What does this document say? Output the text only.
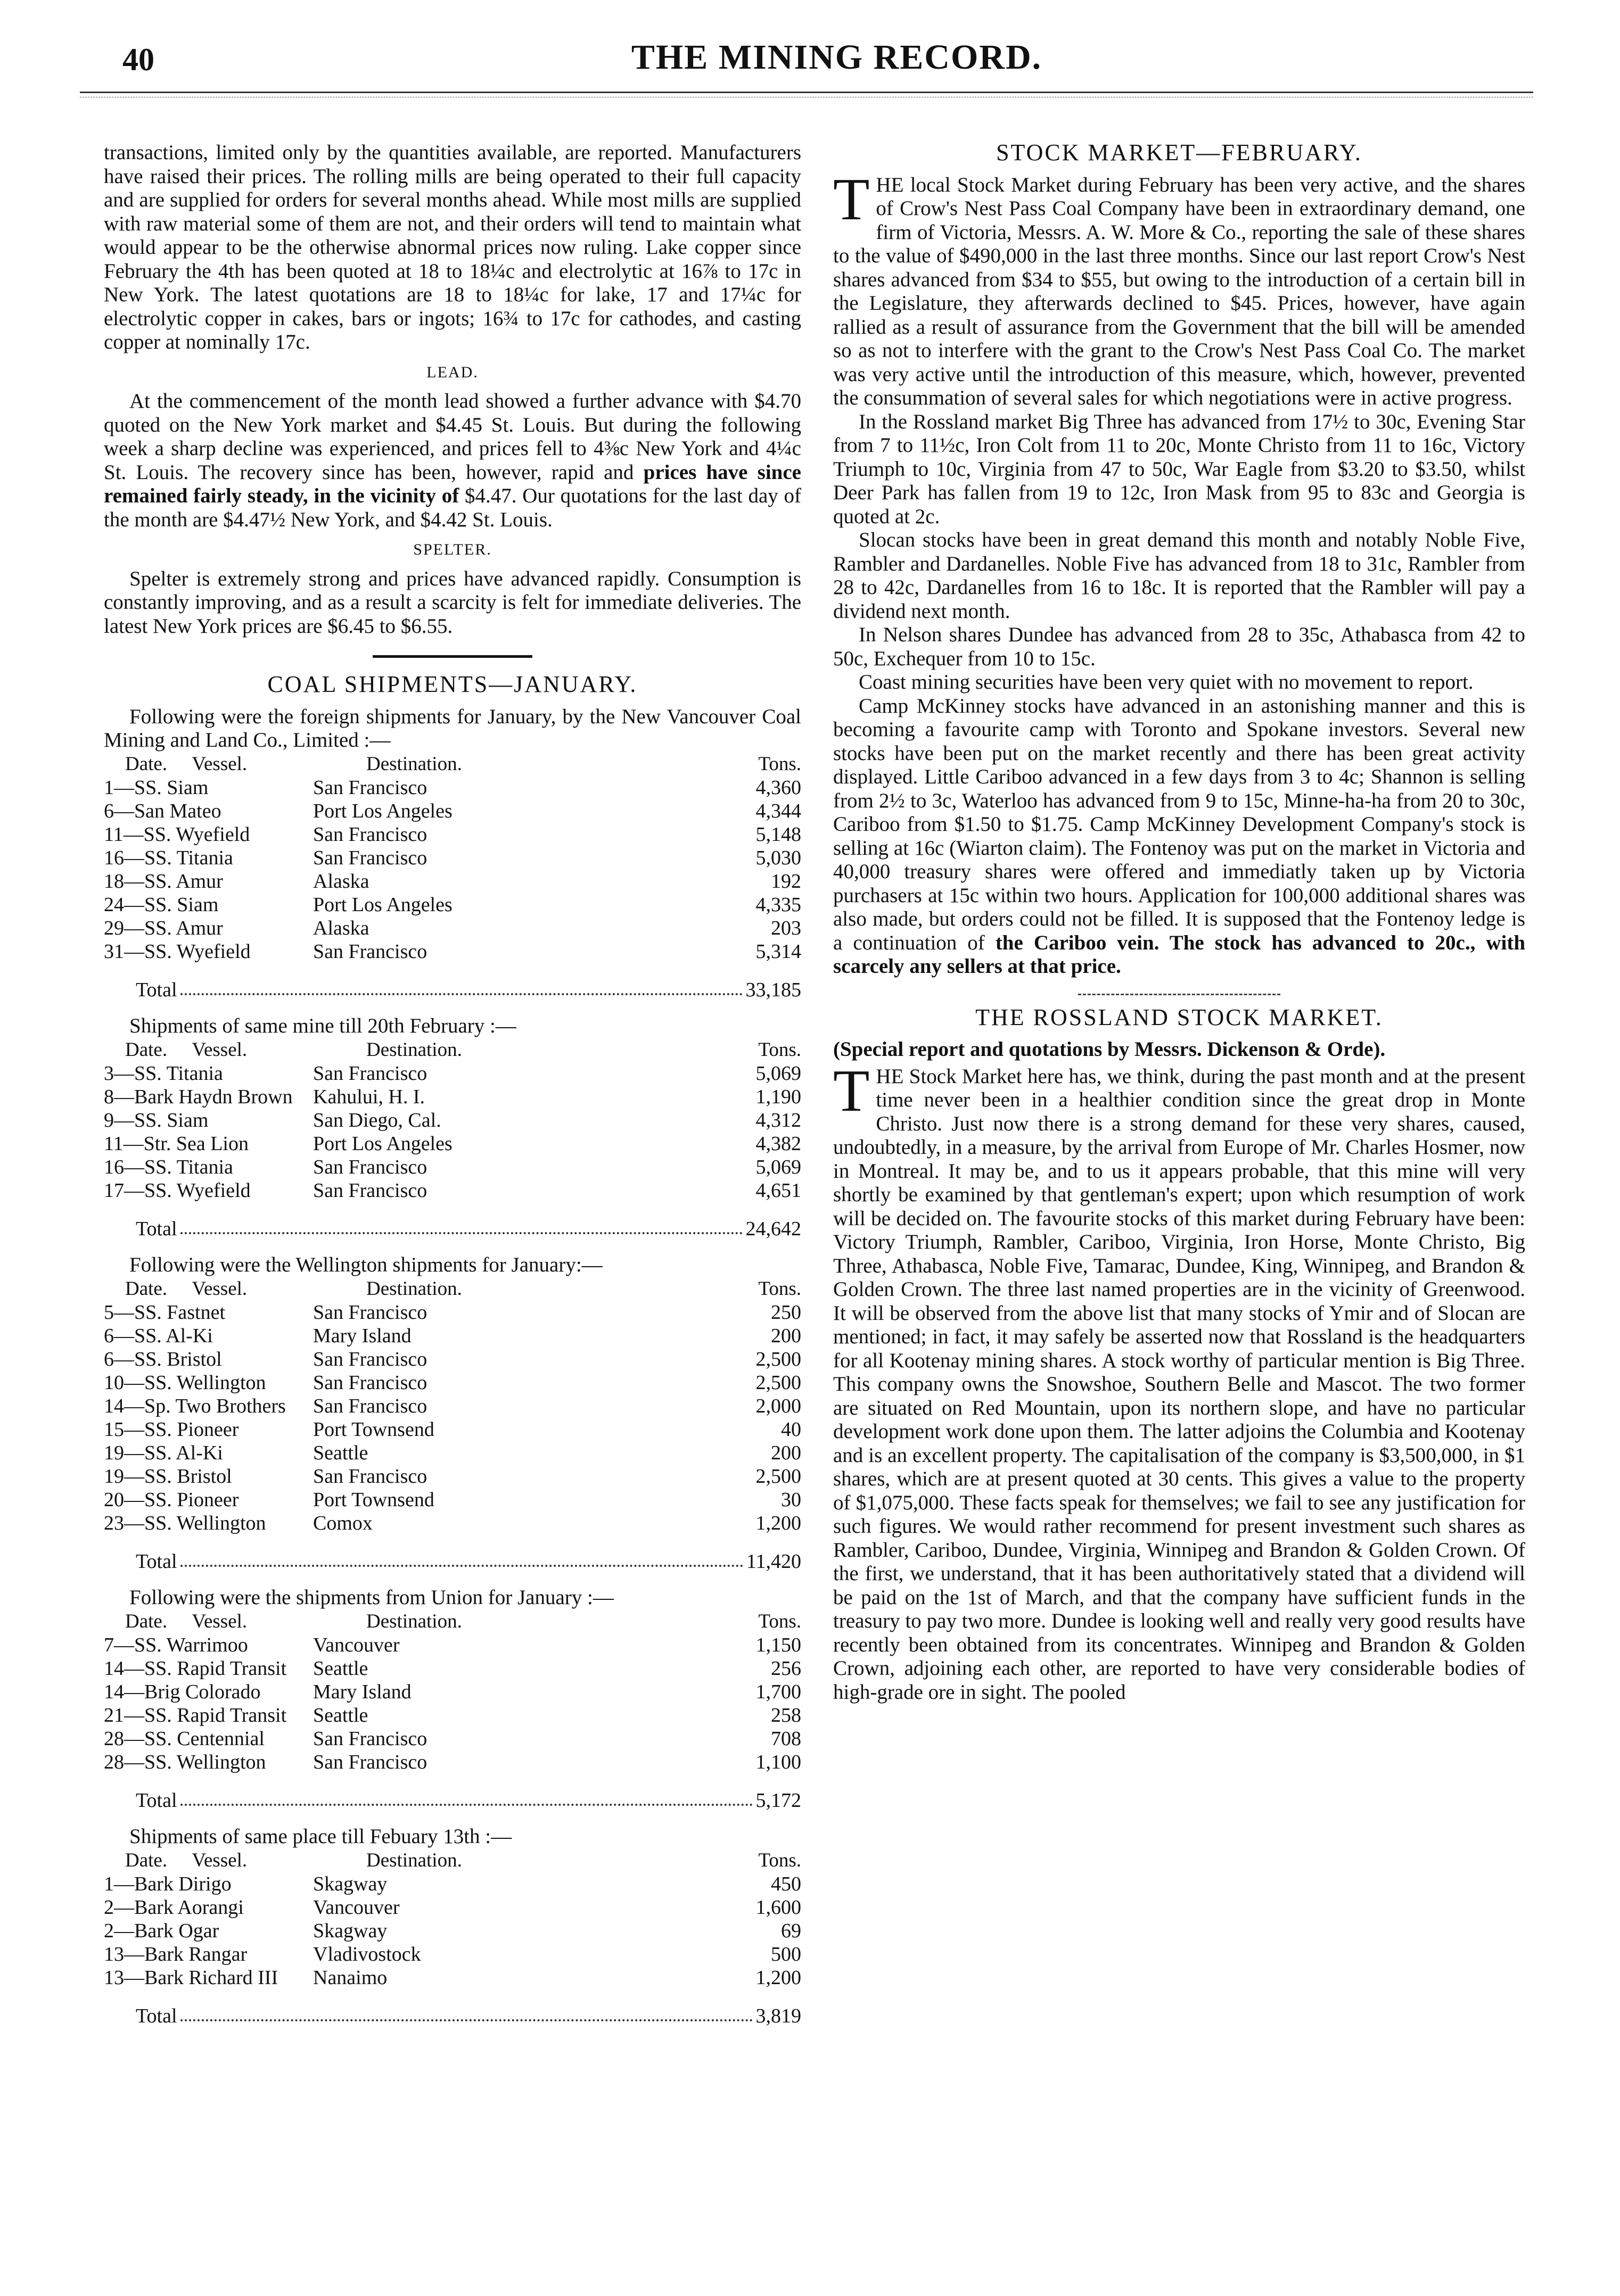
40	THE MINING RECORD.

transactions, limited only by the quantities available, are reported. Manufacturers have raised their prices. The rolling mills are being operated to their full capacity and are supplied for orders for several months ahead. While most mills are supplied with raw material some of them are not, and their orders will tend to maintain what would appear to be the otherwise abnormal prices now ruling. Lake copper since February the 4th has been quoted at 18 to 18¼c and electrolytic at 16⅞ to 17c in New York. The latest quotations are 18 to 18¼c for lake, 17 and 17¼c for electrolytic copper in cakes, bars or ingots; 16¾ to 17c for cathodes, and casting copper at nominally 17c.

LEAD.

At the commencement of the month lead showed a further advance with $4.70 quoted on the New York market and $4.45 St. Louis. But during the following week a sharp decline was experienced, and prices fell to 4⅜c New York and 4¼c St. Louis. The recovery since has been, however, rapid and prices have since remained fairly steady, in the vicinity of $4.47. Our quotations for the last day of the month are $4.47½ New York, and $4.42 St. Louis.

SPELTER.

Spelter is extremely strong and prices have advanced rapidly. Consumption is constantly improving, and as a result a scarcity is felt for immediate deliveries. The latest New York prices are $6.45 to $6.55.

COAL SHIPMENTS—JANUARY.

Following were the foreign shipments for January, by the New Vancouver Coal Mining and Land Co., Limited :—

Date. Vessel.	Destination.	Tons.
1—SS. Siam	San Francisco	4,360
6—San Mateo	Port Los Angeles	4,344
11—SS. Wyefield	San Francisco	5,148
16—SS. Titania	San Francisco	5,030
18—SS. Amur	Alaska	192
24—SS. Siam	Port Los Angeles	4,335
29—SS. Amur	Alaska	203
31—SS. Wyefield	San Francisco	5,314
Total	33,185

Shipments of same mine till 20th February :—

Date. Vessel.	Destination.	Tons.
3—SS. Titania	San Francisco	5,069
8—Bark Haydn Brown	Kahului, H. I.	1,190
9—SS. Siam	San Diego, Cal.	4,312
11—Str. Sea Lion	Port Los Angeles	4,382
16—SS. Titania	San Francisco	5,069
17—SS. Wyefield	San Francisco	4,651
Total	24,642

Following were the Wellington shipments for January:—

Date. Vessel.	Destination.	Tons.
5—SS. Fastnet	San Francisco	250
6—SS. Al-Ki	Mary Island	200
6—SS. Bristol	San Francisco	2,500
10—SS. Wellington	San Francisco	2,500
14—Sp. Two Brothers	San Francisco	2,000
15—SS. Pioneer	Port Townsend	40
19—SS. Al-Ki	Seattle	200
19—SS. Bristol	San Francisco	2,500
20—SS. Pioneer	Port Townsend	30
23—SS. Wellington	Comox	1,200
Total	11,420

Following were the shipments from Union for January :—

Date. Vessel.	Destination.	Tons.
7—SS. Warrimoo	Vancouver	1,150
14—SS. Rapid Transit	Seattle	256
14—Brig Colorado	Mary Island	1,700
21—SS. Rapid Transit	Seattle	258
28—SS. Centennial	San Francisco	708
28—SS. Wellington	San Francisco	1,100
Total	5,172

Shipments of same place till Febuary 13th :—

Date. Vessel.	Destination.	Tons.
1—Bark Dirigo	Skagway	450
2—Bark Aorangi	Vancouver	1,600
2—Bark Ogar	Skagway	69
13—Bark Rangar	Vladivostock	500
13—Bark Richard III	Nanaimo	1,200
Total	3,819
STOCK MARKET—FEBRUARY.

THE local Stock Market during February has been very active, and the shares of Crow's Nest Pass Coal Company have been in extraordinary demand, one firm of Victoria, Messrs. A. W. More & Co., reporting the sale of these shares to the value of $490,000 in the last three months. Since our last report Crow's Nest shares advanced from $34 to $55, but owing to the introduction of a certain bill in the Legislature, they afterwards declined to $45. Prices, however, have again rallied as a result of assurance from the Government that the bill will be amended so as not to interfere with the grant to the Crow's Nest Pass Coal Co. The market was very active until the introduction of this measure, which, however, prevented the consummation of several sales for which negotiations were in active progress.

In the Rossland market Big Three has advanced from 17½ to 30c, Evening Star from 7 to 11½c, Iron Colt from 11 to 20c, Monte Christo from 11 to 16c, Victory Triumph to 10c, Virginia from 47 to 50c, War Eagle from $3.20 to $3.50, whilst Deer Park has fallen from 19 to 12c, Iron Mask from 95 to 83c and Georgia is quoted at 2c.

Slocan stocks have been in great demand this month and notably Noble Five, Rambler and Dardanelles. Noble Five has advanced from 18 to 31c, Rambler from 28 to 42c, Dardanelles from 16 to 18c. It is reported that the Rambler will pay a dividend next month.

In Nelson shares Dundee has advanced from 28 to 35c, Athabasca from 42 to 50c, Exchequer from 10 to 15c.

Coast mining securities have been very quiet with no movement to report.

Camp McKinney stocks have advanced in an astonishing manner and this is becoming a favourite camp with Toronto and Spokane investors. Several new stocks have been put on the market recently and there has been great activity displayed. Little Cariboo advanced in a few days from 3 to 4c; Shannon is selling from 2½ to 3c, Waterloo has advanced from 9 to 15c, Minne-ha-ha from 20 to 30c, Cariboo from $1.50 to $1.75. Camp McKinney Development Company's stock is selling at 16c (Wiarton claim). The Fontenoy was put on the market in Victoria and 40,000 treasury shares were offered and immediatly taken up by Victoria purchasers at 15c within two hours. Application for 100,000 additional shares was also made, but orders could not be filled. It is supposed that the Fontenoy ledge is a continuation of the Cariboo vein. The stock has advanced to 20c., with scarcely any sellers at that price.

THE ROSSLAND STOCK MARKET.

(Special report and quotations by Messrs. Dickenson & Orde).

THE Stock Market here has, we think, during the past month and at the present time never been in a healthier condition since the great drop in Monte Christo. Just now there is a strong demand for these very shares, caused, undoubtedly, in a measure, by the arrival from Europe of Mr. Charles Hosmer, now in Montreal. It may be, and to us it appears probable, that this mine will very shortly be examined by that gentleman's expert; upon which resumption of work will be decided on. The favourite stocks of this market during February have been: Victory Triumph, Rambler, Cariboo, Virginia, Iron Horse, Monte Christo, Big Three, Athabasca, Noble Five, Tamarac, Dundee, King, Winnipeg, and Brandon & Golden Crown. The three last named properties are in the vicinity of Greenwood. It will be observed from the above list that many stocks of Ymir and of Slocan are mentioned; in fact, it may safely be asserted now that Rossland is the headquarters for all Kootenay mining shares. A stock worthy of particular mention is Big Three. This company owns the Snowshoe, Southern Belle and Mascot. The two former are situated on Red Mountain, upon its northern slope, and have no particular development work done upon them. The latter adjoins the Columbia and Kootenay and is an excellent property. The capitalisation of the company is $3,500,000, in $1 shares, which are at present quoted at 30 cents. This gives a value to the property of $1,075,000. These facts speak for themselves; we fail to see any justification for such figures. We would rather recommend for present investment such shares as Rambler, Cariboo, Dundee, Virginia, Winnipeg and Brandon & Golden Crown. Of the first, we understand, that it has been authoritatively stated that a dividend will be paid on the 1st of March, and that the company have sufficient funds in the treasury to pay two more. Dundee is looking well and really very good results have recently been obtained from its concentrates. Winnipeg and Brandon & Golden Crown, adjoining each other, are reported to have very considerable bodies of high-grade ore in sight. The pooled
